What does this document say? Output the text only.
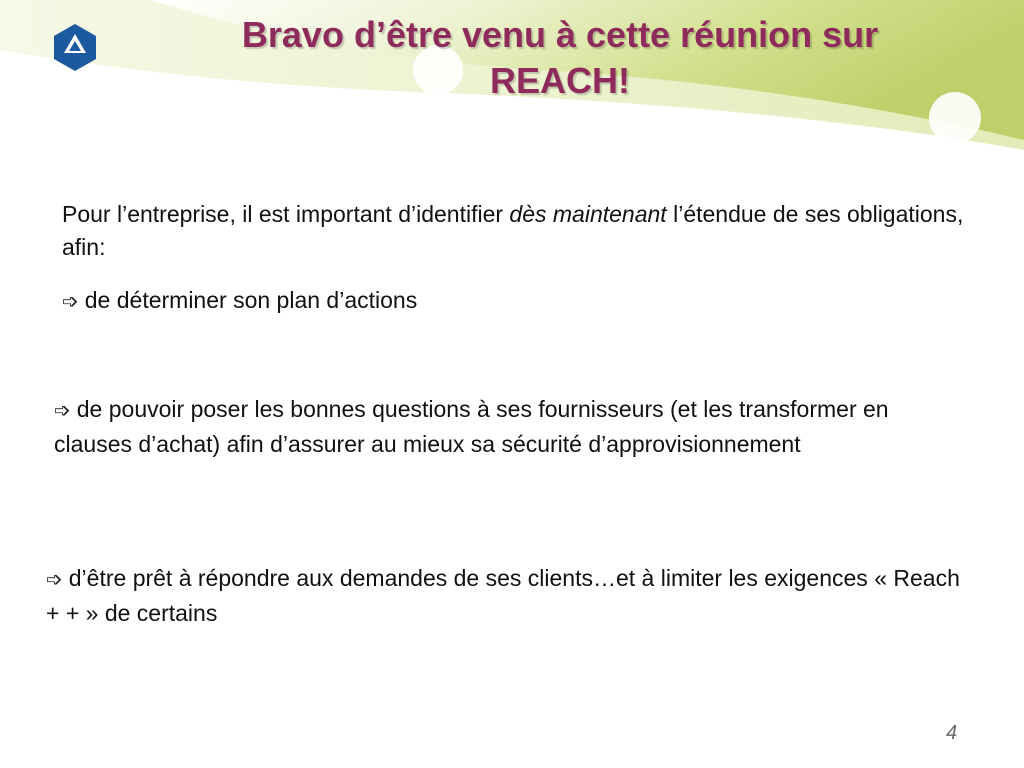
Bravo d’être venu à cette réunion sur
REACH!
Pour l’entreprise, il est important d’identifier dès maintenant l’étendue de ses obligations, afin:
➩ de déterminer son plan d’actions
➩ de pouvoir poser les bonnes questions à ses fournisseurs (et les transformer en clauses d’achat) afin d’assurer au mieux sa sécurité d’approvisionnement
➩ d’être prêt à répondre aux demandes de ses clients…et à limiter les exigences « Reach + + » de certains
4
